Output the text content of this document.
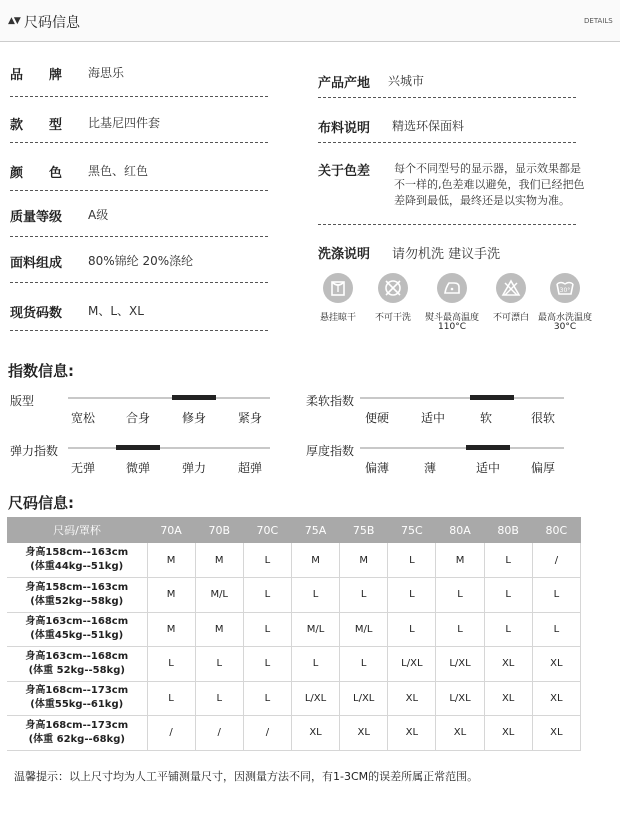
▲▼ 尺码信息	DETAILS
品　　牌 海思乐
款　　型 比基尼四件套
颜　　色 黑色、红色
质量等级 A级
面料组成 80%锦纶 20%涤纶
现货码数 M、L、XL
产品产地 兴城市
布料说明 精选环保面料
关于色差 每个不同型号的显示器，显示效果都是
不一样的,色差难以避免，我们已经把色
差降到最低，最终还是以实物为准。
洗涤说明 请勿机洗 建议手洗
悬挂晾干 不可干洗	熨斗最高温度
110°C
不可漂白
30°
最高水洗温度
30°C
指数信息:
版型
宽松	合身	修身	紧身
柔软指数
便硬	适中	软	很软
弹力指数
无弹	微弹	弹力	超弹
厚度指数
偏薄	薄	适中	偏厚
尺码信息:
尺码/罩杯	70A	70B	70C	75A	75B	75C	80A	80B	80C

身高158cm--163cm
(体重44kg--51kg)	M	M	L	M	M	L	M	L	/

身高158cm--163cm
(体重52kg--58kg)	M	M/L	L	L	L	L	L	L	L

身高163cm--168cm
(体重45kg--51kg)	M	M	L	M/L	M/L	L	L	L	L

身高163cm--168cm
(体重 52kg--58kg)	L	L	L	L	L	L/XL	L/XL	XL	XL

身高168cm--173cm
(体重55kg--61kg)	L	L	L	L/XL	L/XL	XL	L/XL	XL	XL

身高168cm--173cm
(体重 62kg--68kg)	/	/	/	XL	XL	XL	XL	XL	XL
温馨提示：以上尺寸均为人工平铺测量尺寸，因测量方法不同，有1-3CM的误差所属正常范围。
